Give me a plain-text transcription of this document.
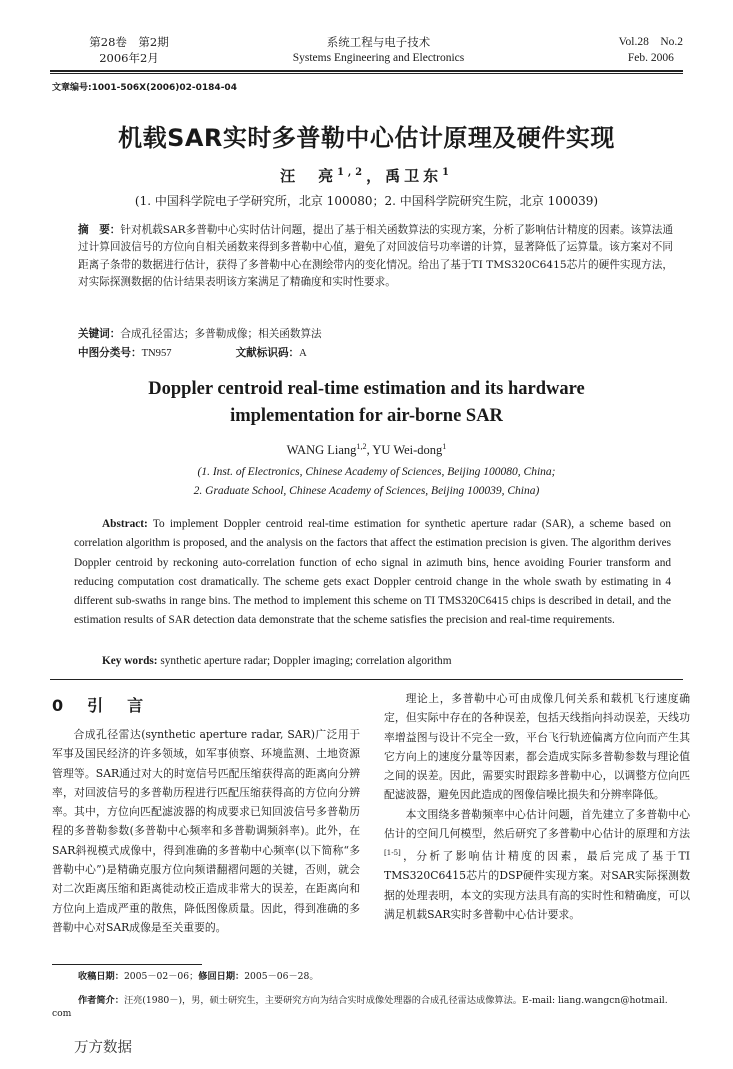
第28卷　第2期
2006年2月
系统工程与电子技术
Systems Engineering and Electronics
Vol.28　No.2
Feb. 2006
文章编号:1001-506X(2006)02-0184-04
机载SAR实时多普勒中心估计原理及硬件实现
汪　亮$^{1,2}$，禹卫东$^1$
(1. 中国科学院电子学研究所，北京 100080；2. 中国科学院研究生院，北京 100039)
摘　要：针对机载SAR多普勒中心实时估计问题，提出了基于相关函数算法的实现方案，分析了影响估计精度的因素。该算法通过计算回波信号的方位向自相关函数来得到多普勒中心值，避免了对回波信号功率谱的计算，显著降低了运算量。该方案对不同距离子条带的数据进行估计，获得了多普勒中心在测绘带内的变化情况。给出了基于TI TMS320C6415芯片的硬件实现方法，对实际探测数据的估计结果表明该方案满足了精确度和实时性要求。
关键词：合成孔径雷达；多普勒成像；相关函数算法
中图分类号：TN957	文献标识码：A
Doppler centroid real-time estimation and its hardware
implementation for air-borne SAR
WANG Liang$^{1,2}$, YU Wei-dong$^1$
(1. Inst. of Electronics, Chinese Academy of Sciences, Beijing 100080, China;
2. Graduate School, Chinese Academy of Sciences, Beijing 100039, China)
Abstract: To implement Doppler centroid real-time estimation for synthetic aperture radar (SAR), a scheme based on correlation algorithm is proposed, and the analysis on the factors that affect the estimation precision is given. The algorithm derives Doppler centroid by reckoning auto-correlation function of echo signal in azimuth bins, hence avoiding Fourier transform and reducing computation cost dramatically. The scheme gets exact Doppler centroid change in the whole swath by estimating in 4 different sub-swaths in range bins. The method to implement this scheme on TI TMS320C6415 chips is described in detail, and the estimation results of SAR detection data demonstrate that the scheme satisfies the precision and real-time requirements.
Key words: synthetic aperture radar; Doppler imaging; correlation algorithm
0　引　言

合成孔径雷达(synthetic aperture radar, SAR)广泛用于军事及国民经济的许多领域，如军事侦察、环境监测、土地资源管理等。SAR通过对大的时宽信号匹配压缩获得高的距离向分辨率，对回波信号的多普勒历程进行匹配压缩获得高的方位向分辨率。其中，方位向匹配滤波器的构成要求已知回波信号多普勒历程的多普勒参数(多普勒中心频率和多普勒调频斜率)。此外，在SAR斜视模式成像中，得到准确的多普勒中心频率(以下简称“多普勒中心”)是精确克服方位向频谱翻褶问题的关键，否则，就会对二次距离压缩和距离徙动校正造成非常大的误差，在距离向和方位向上造成严重的散焦，降低图像质量。因此，得到准确的多普勒中心对SAR成像是至关重要的。

理论上，多普勒中心可由成像几何关系和载机飞行速度确定，但实际中存在的各种误差，包括天线指向抖动误差，天线功率增益图与设计不完全一致，平台飞行轨迹偏离方位向而产生其它方向上的速度分量等因素，都会造成实际多普勒参数与理论值之间的误差。因此，需要实时跟踪多普勒中心，以调整方位向匹配滤波器，避免因此造成的图像信噪比损失和分辨率降低。

本文围绕多普勒频率中心估计问题，首先建立了多普勒中心估计的空间几何模型，然后研究了多普勒中心估计的原理和方法[1-5]，分析了影响估计精度的因素，最后完成了基于TI TMS320C6415芯片的DSP硬件实现方案。对SAR实际探测数据的处理表明，本文的实现方法具有高的实时性和精确度，可以满足机载SAR实时多普勒中心估计要求。

收稿日期：2005－02－06；修回日期：2005－06－28。
作者简介：汪亮(1980－)，男，硕士研究生，主要研究方向为结合实时成像处理器的合成孔径雷达成像算法。E-mail: liang.wangcn@hotmail.
com
万方数据
